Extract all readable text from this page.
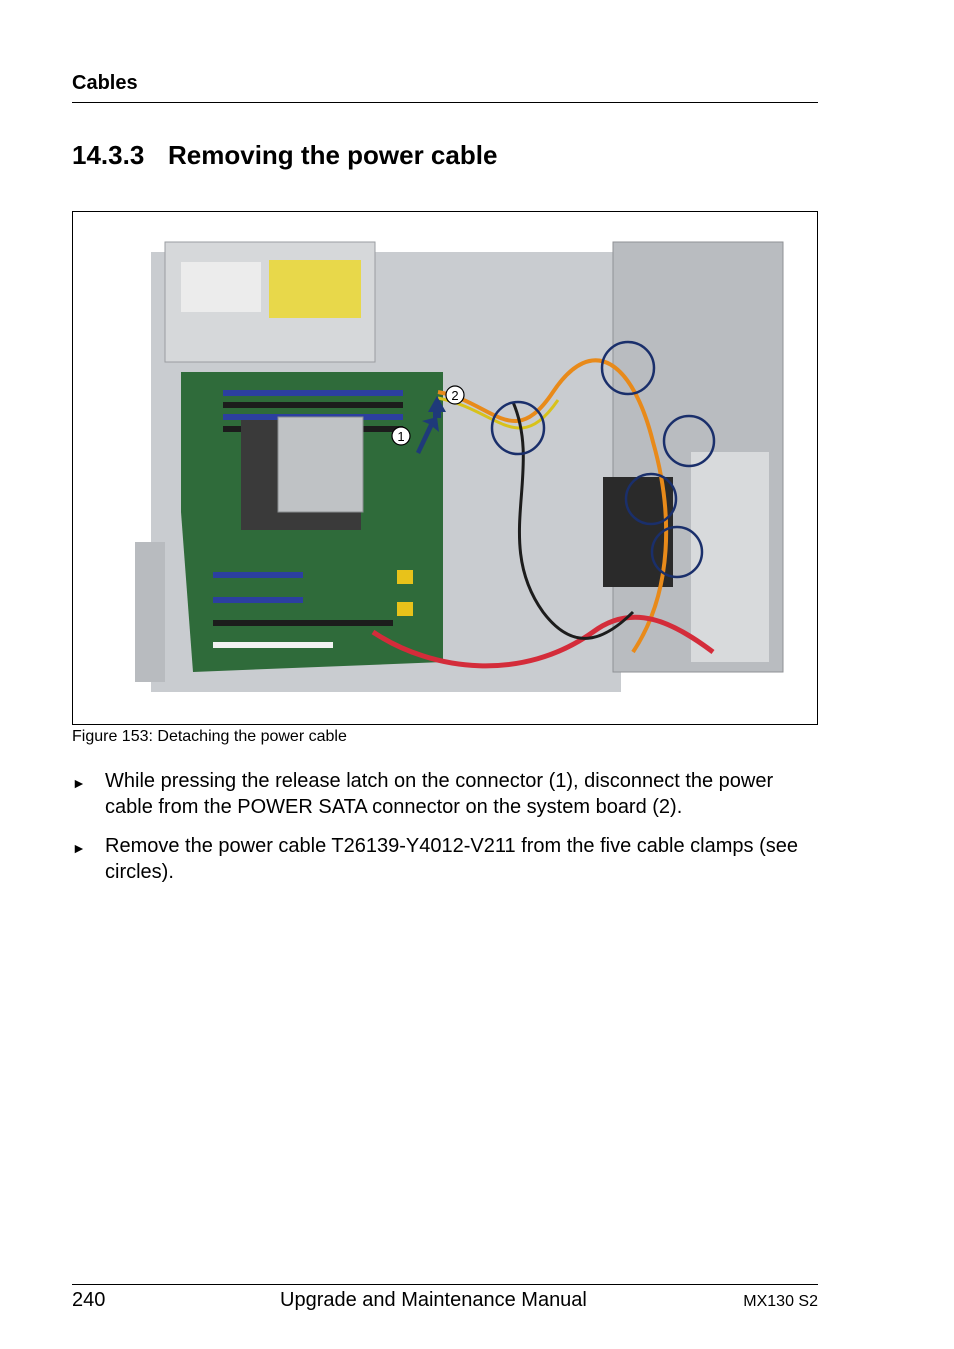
Cables
14.3.3 Removing the power cable
1
2
Figure 153: Detaching the power cable
► While pressing the release latch on the connector (1), disconnect the power cable from the POWER SATA connector on the system board (2).
► Remove the power cable T26139-Y4012-V211 from the five cable clamps (see circles).
240	Upgrade and Maintenance Manual	MX130 S2
